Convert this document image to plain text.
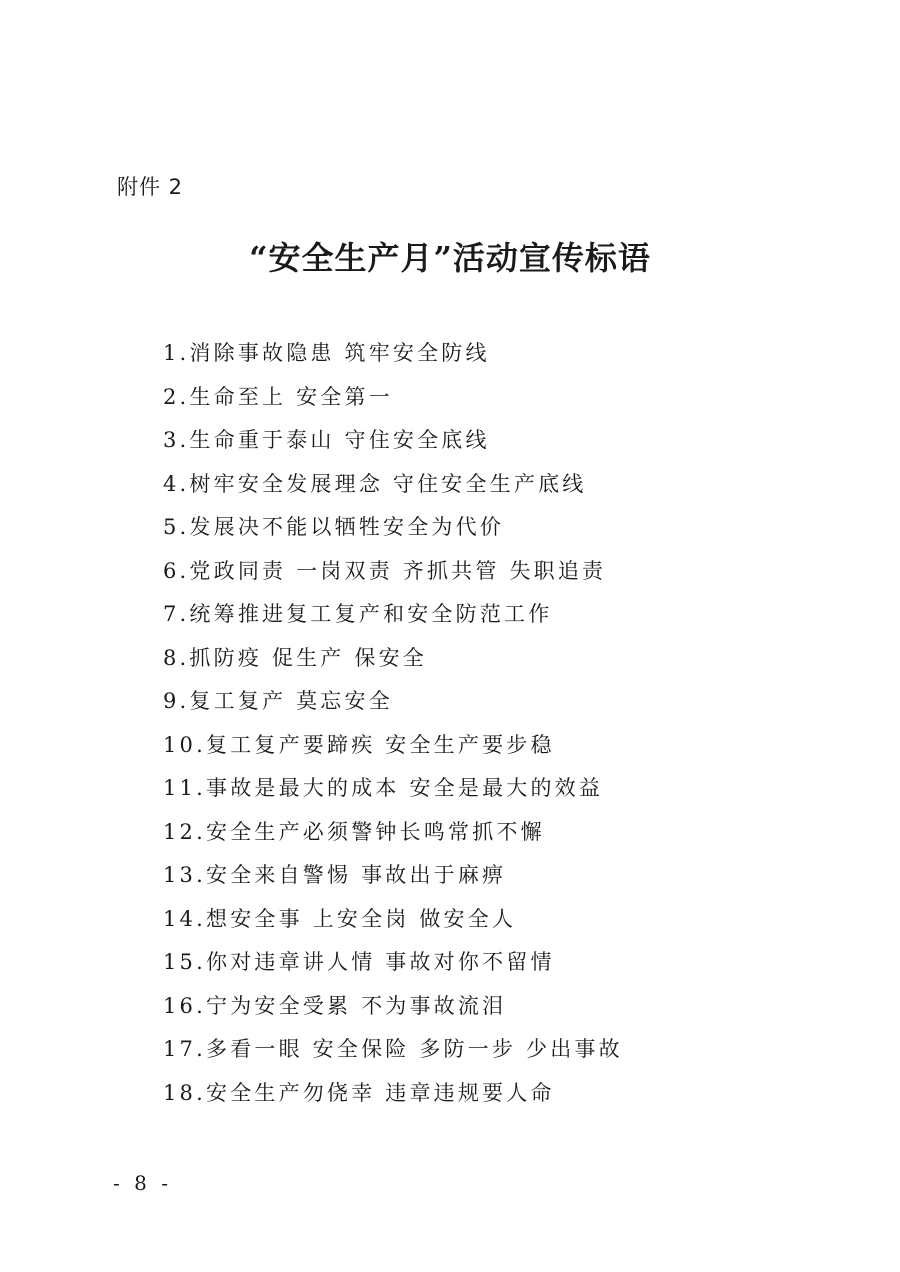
附件 2
“安全生产月”活动宣传标语
1.消除事故隐患 筑牢安全防线
2.生命至上 安全第一
3.生命重于泰山 守住安全底线
4.树牢安全发展理念 守住安全生产底线
5.发展决不能以牺牲安全为代价
6.党政同责 一岗双责 齐抓共管 失职追责
7.统筹推进复工复产和安全防范工作
8.抓防疫 促生产 保安全
9.复工复产 莫忘安全
10.复工复产要蹄疾 安全生产要步稳
11.事故是最大的成本 安全是最大的效益
12.安全生产必须警钟长鸣常抓不懈
13.安全来自警惕 事故出于麻痹
14.想安全事 上安全岗 做安全人
15.你对违章讲人情 事故对你不留情
16.宁为安全受累 不为事故流泪
17.多看一眼 安全保险 多防一步 少出事故
18.安全生产勿侥幸 违章违规要人命
- 8 -
